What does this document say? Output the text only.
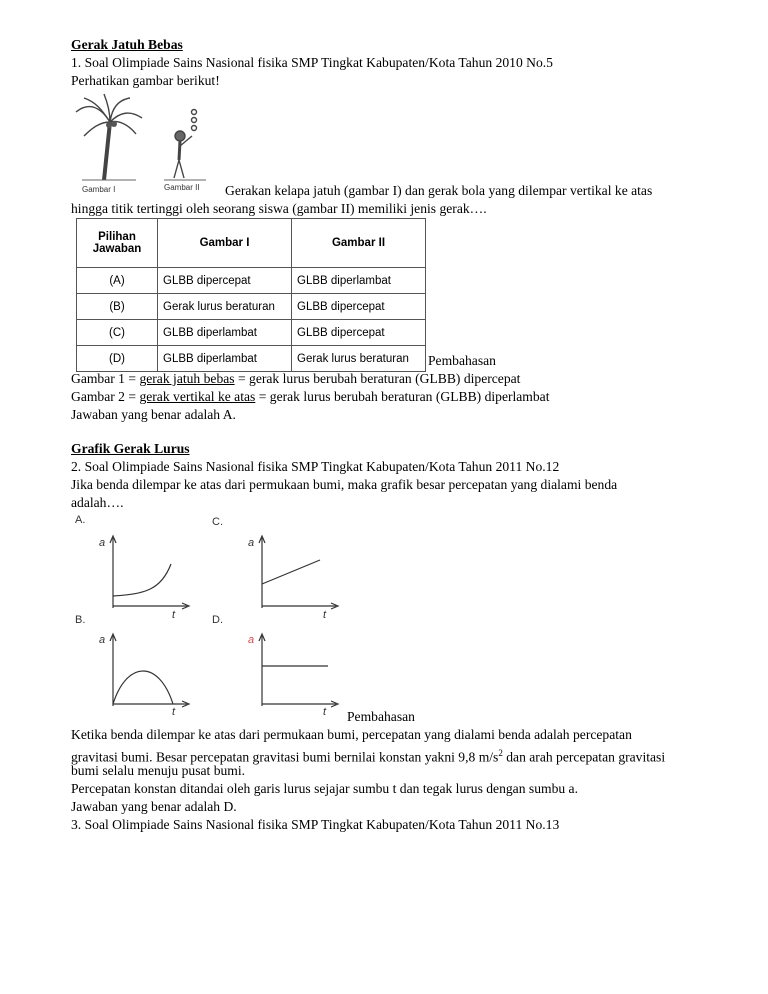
Gerak Jatuh Bebas
1. Soal Olimpiade Sains Nasional fisika SMP Tingkat Kabupaten/Kota Tahun 2010 No.5
Perhatikan gambar berikut!
Gambar I	Gambar II Gerakan kelapa jatuh (gambar I) dan gerak bola yang dilempar vertikal ke atas
hingga titik tertinggi oleh seorang siswa (gambar II) memiliki jenis gerak….
Pilihan Jawaban	Gambar I	Gambar II
(A)	GLBB dipercepat	GLBB diperlambat
(B)	Gerak lurus beraturan	GLBB dipercepat
(C)	GLBB diperlambat	GLBB dipercepat
(D)	GLBB diperlambat	Gerak lurus beraturan Pembahasan
Gambar 1 = gerak jatuh bebas = gerak lurus berubah beraturan (GLBB) dipercepat
Gambar 2 = gerak vertikal ke atas = gerak lurus berubah beraturan (GLBB) diperlambat
Jawaban yang benar adalah A.
Grafik Gerak Lurus
2. Soal Olimpiade Sains Nasional fisika SMP Tingkat Kabupaten/Kota Tahun 2011 No.12
Jika benda dilempar ke atas dari permukaan bumi, maka grafik besar percepatan yang dialami benda
adalah….
A.
a
t
C.
a
t
B.
a
t
D.
a
t Pembahasan
Ketika benda dilempar ke atas dari permukaan bumi, percepatan yang dialami benda adalah percepatan
gravitasi bumi. Besar percepatan gravitasi bumi bernilai konstan yakni 9,8 $m/s^2$ dan arah percepatan gravitasi
bumi selalu menuju pusat bumi.
Percepatan konstan ditandai oleh garis lurus sejajar sumbu t dan tegak lurus dengan sumbu a.
Jawaban yang benar adalah D.
3. Soal Olimpiade Sains Nasional fisika SMP Tingkat Kabupaten/Kota Tahun 2011 No.13
